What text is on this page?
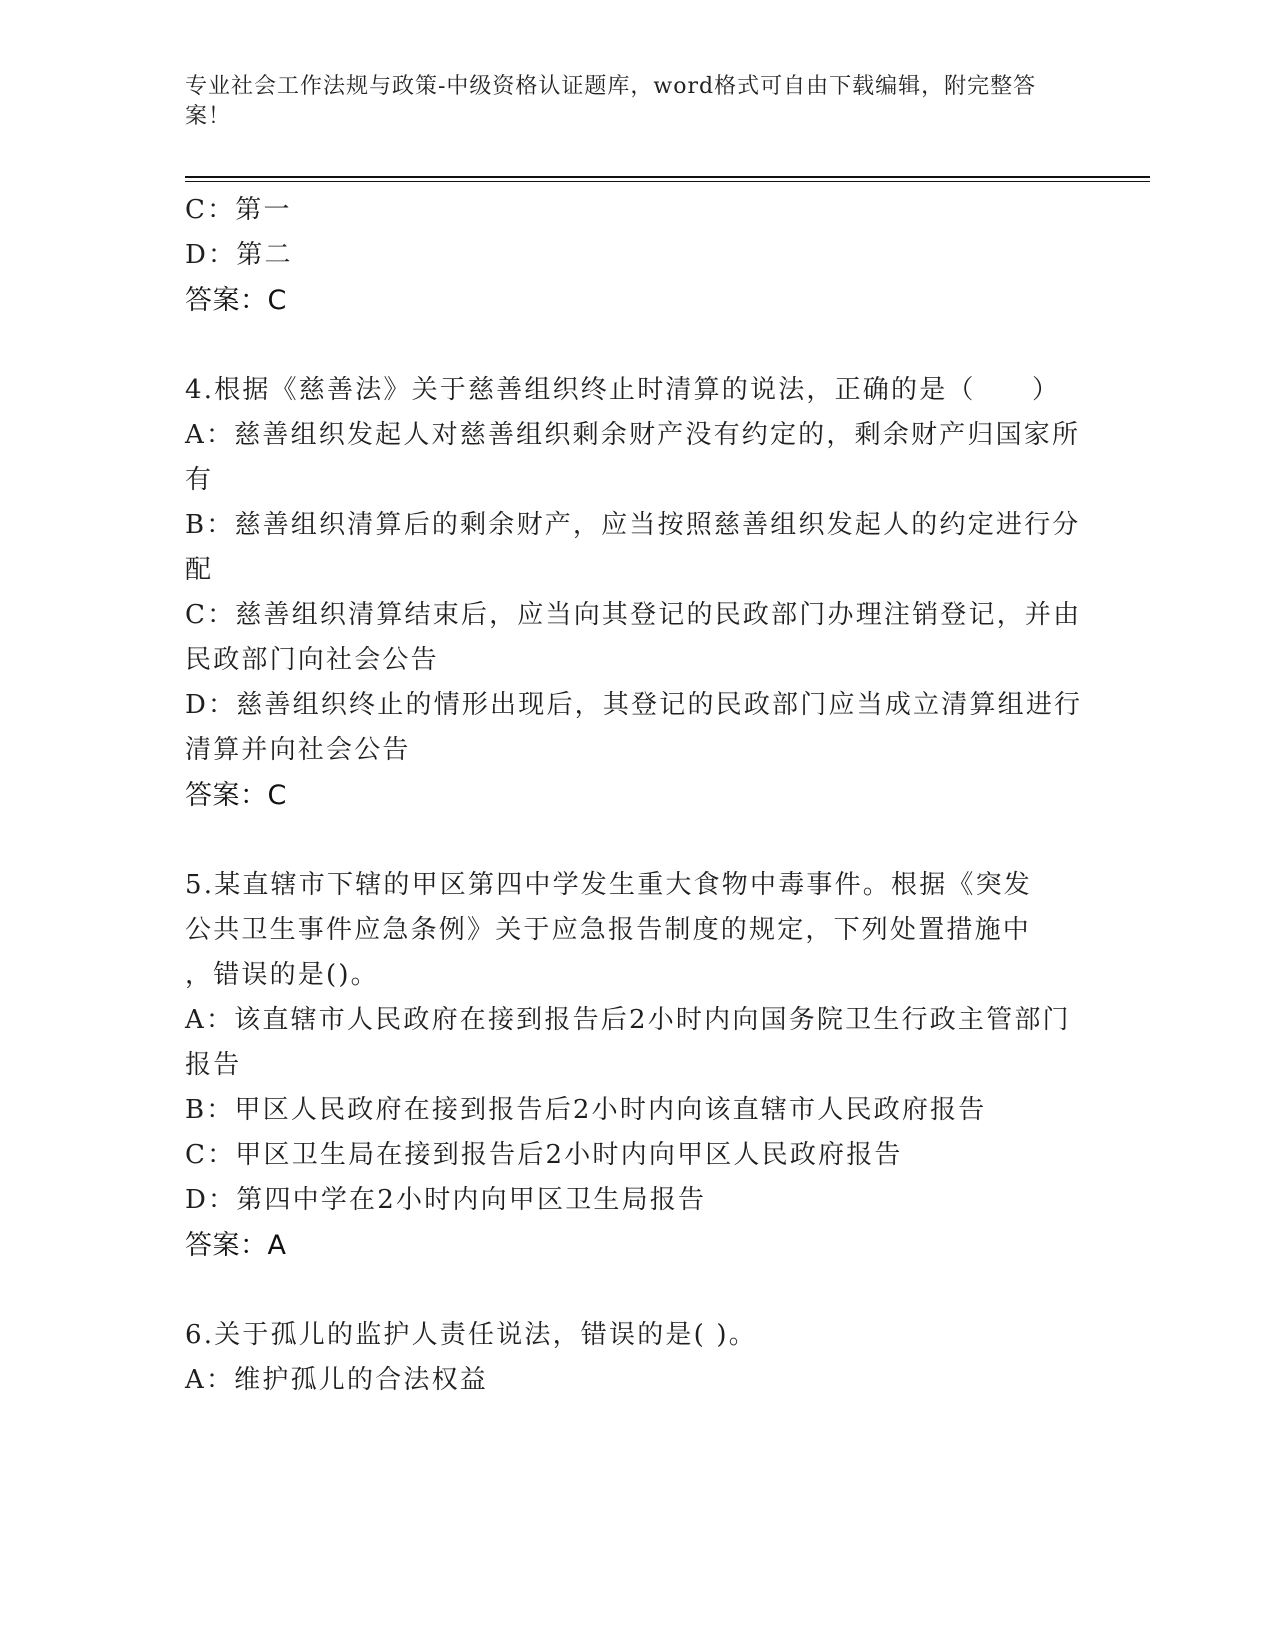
专业社会工作法规与政策-中级资格认证题库，word格式可自由下载编辑，附完整答案！
C：第一
D：第二
答案：C
4.根据《慈善法》关于慈善组织终止时清算的说法，正确的是（　　）
A：慈善组织发起人对慈善组织剩余财产没有约定的，剩余财产归国家所有
B：慈善组织清算后的剩余财产，应当按照慈善组织发起人的约定进行分配
C：慈善组织清算结束后，应当向其登记的民政部门办理注销登记，并由民政部门向社会公告
D：慈善组织终止的情形出现后，其登记的民政部门应当成立清算组进行清算并向社会公告
答案：C
5.某直辖市下辖的甲区第四中学发生重大食物中毒事件。根据《突发
公共卫生事件应急条例》关于应急报告制度的规定，下列处置措施中
，错误的是()。
A：该直辖市人民政府在接到报告后2小时内向国务院卫生行政主管部门报告
B：甲区人民政府在接到报告后2小时内向该直辖市人民政府报告
C：甲区卫生局在接到报告后2小时内向甲区人民政府报告
D：第四中学在2小时内向甲区卫生局报告
答案：A
6.关于孤儿的监护人责任说法，错误的是( )。
A：维护孤儿的合法权益
